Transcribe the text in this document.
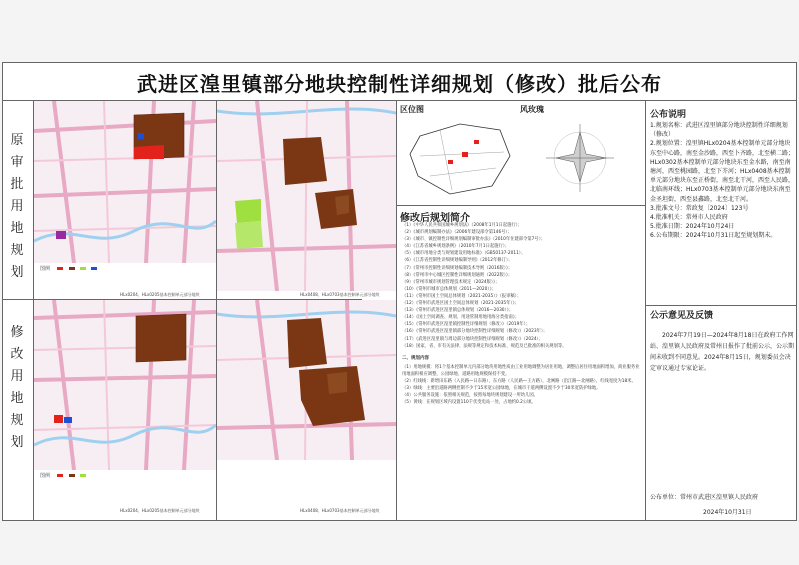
武进区湟里镇部分地块控制性详细规划（修改）批后公布
原审批用地规划
修改用地规划
图例
HLx0204、HLx0205基本控制单元部分地块	HLx0408、HLx0703基本控制单元部分地块
图例
HLx0204、HLx0205基本控制单元部分地块	HLx0408、HLx0703基本控制单元部分地块
区位图	风玫瑰
修改后规划简介
（1）《中华人民共和国城乡规划法》（2008年1月1日起施行）；
（2）《城市规划编制办法》（2006年建设部令第146号）；
（3）《城市、镇控制性详细规划编制审批办法》（2010年住建部令第7号）；
（4）《江苏省城乡规划条例》（2010年7月1日起施行）；
（5）《城市用地分类与规划建设用地标准》（GB50137-2011）；
（6）《江苏省控制性详细规划编制导则》（2012年修订）；
（7）《常州市控制性详细规划编制技术导则（2016版）》；
（8）《常州市中心城区控制性详细规划通则（2022版）》；
（9）《常州市城市规划管理技术规定（2024版）》；
（10）《常州市城市总体规划（2011—2020）》；
（11）《常州市国土空间总体规划（2021-2035）》（报审稿）；
（12）《常州市武进区国土空间总体规划（2021-2035年）》；
（13）《常州市武进区湟里镇总体规划（2016—2030）》；
（14）《国土空间调查、规划、用途管制用地用海分类指南》；
（15）《常州市武进区湟里镇控制性详细规划（修改）》（2019年）；
（16）《常州市武进区湟里镇部分地块控制性详细规划（修改）》（2023年）；
（17）《武进区湟里镇与周边部分地块控制性详细规划（修改）》（2024）；
（18）国家、省、市有关法律、法规等规定和技术标准、规范及已批准的相关规划等。
二、规划内容
（1）用地规模：将1个基本控制单元内部分地块用地性质由工业用地调整为居住用地，调整后居住用地面积增加，商业服务业用地面积相应调整，公园绿地、道路用地规模保持不变。
（2）红线线：新增田东路（入民路—日东路），东方路（人民路—王方路），北闸路（沿江路—北闸路），红线宽度为18米。
（3）绿线：主要沿道路两侧控制不少于15米宽公园绿地，在城市干道两侧设置不少于30米宽防护绿地。
（4）公共服务设施：依照相关规范，按照每地块规划建设一所幼儿园。
（5）黄线：在规划区域内设置110千伏变电站一处，占地约0.2公顷。
公布说明
1.规划名称：武进区湟里镇部分地块控制性详细规划（修改）
2.规划位置：湟里镇HLx0204基本控制单元部分地块东至中心路，南至金沙路，西至卜齐路，北至横二路；HLx0302基本控制单元部分地块东至金水路，南至南塘河，西至桃园路，北至下芥河；HLx0408基本控制单元部分地块东至正桥街，南至北干河，西至人民路，北临南环线；HLx0703基本控制单元部分地块东南至金圣坦街，西至县鑫路，北至北干河。
3.批准文号：常政复〔2024〕123号
4.批准机关：常州市人民政府
5.批准日期：2024年10月24日
6.公布期限：2024年10月31日起至规划期末。
公示意见及反馈
2024年7月19日—2024年8月18日在政府工作网站、湟里镇人民政府及常州日报作了批前公示，公示期间未收到不同意见。2024年8月15日，规划委员会决定审议通过专家论证。
公布单位：常州市武进区湟里镇人民政府
2024年10月31日
